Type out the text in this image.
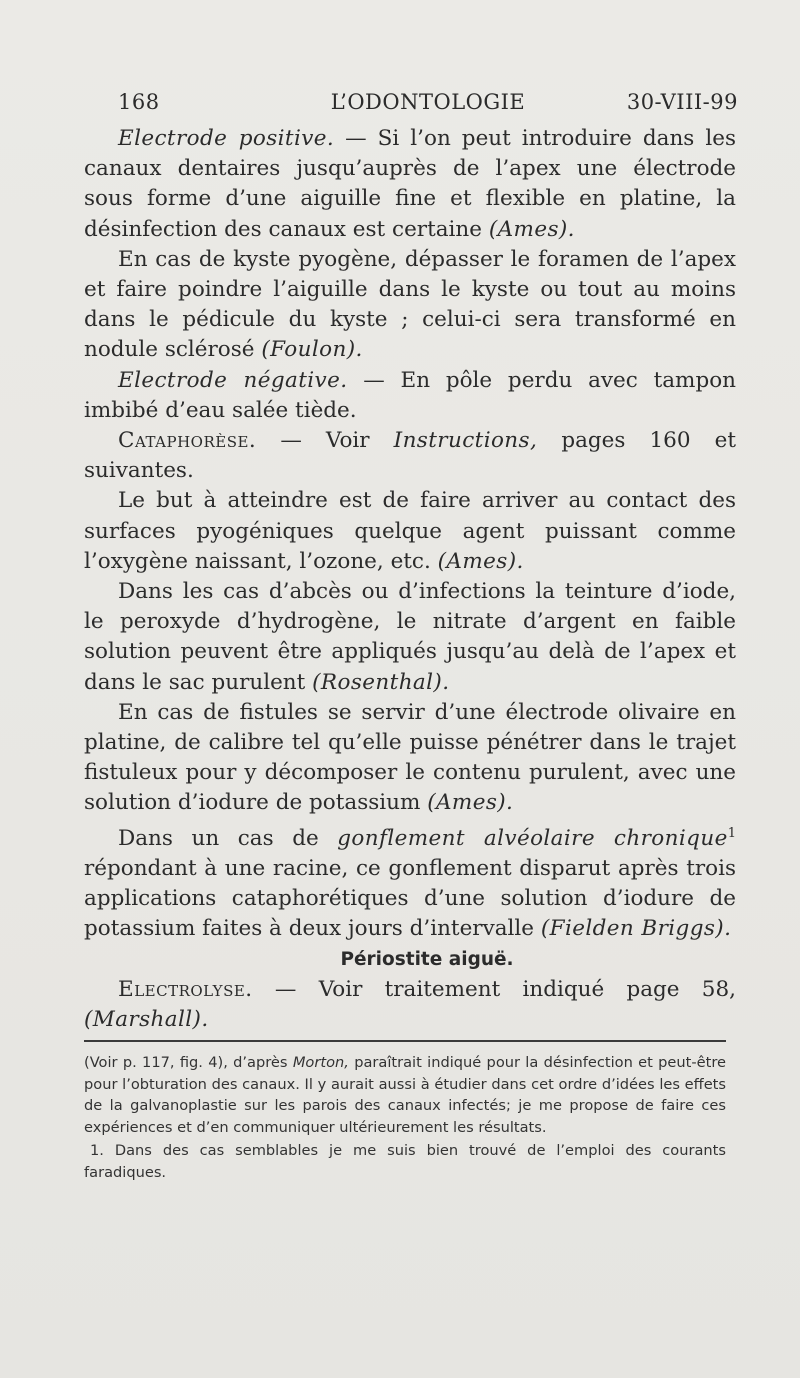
168	L’ODONTOLOGIE	30-VIII-99

Electrode positive. — Si l’on peut introduire dans les canaux dentaires jusqu’auprès de l’apex une électrode sous forme d’une aiguille fine et flexible en platine, la désinfection des canaux est certaine (Ames).

En cas de kyste pyogène, dépasser le foramen de l’apex et faire poindre l’aiguille dans le kyste ou tout au moins dans le pédicule du kyste ; celui-ci sera transformé en nodule sclérosé (Foulon).

Electrode négative. — En pôle perdu avec tampon imbibé d’eau salée tiède.

Cataphorèse. — Voir Instructions, pages 160 et suivantes.

Le but à atteindre est de faire arriver au contact des surfaces pyogéniques quelque agent puissant comme l’oxygène naissant, l’ozone, etc. (Ames).

Dans les cas d’abcès ou d’infections la teinture d’iode, le peroxyde d’hydrogène, le nitrate d’argent en faible solution peuvent être appliqués jusqu’au delà de l’apex et dans le sac purulent (Rosenthal).

En cas de fistules se servir d’une électrode olivaire en platine, de calibre tel qu’elle puisse pénétrer dans le trajet fistuleux pour y décomposer le contenu purulent, avec une solution d’iodure de potassium (Ames).

Dans un cas de gonflement alvéolaire chronique$^1$ répondant à une racine, ce gonflement disparut après trois applications cataphorétiques d’une solution d’iodure de potassium faites à deux jours d’intervalle (Fielden Briggs).

Périostite aiguë.

Electrolyse. — Voir traitement indiqué page 58, (Marshall).

(Voir p. 117, fig. 4), d’après Morton, paraîtrait indiqué pour la désinfection et peut-être pour l’obturation des canaux. Il y aurait aussi à étudier dans cet ordre d’idées les effets de la galvanoplastie sur les parois des canaux infectés; je me propose de faire ces expériences et d’en communiquer ultérieurement les résultats.

1. Dans des cas semblables je me suis bien trouvé de l’emploi des courants faradiques.
